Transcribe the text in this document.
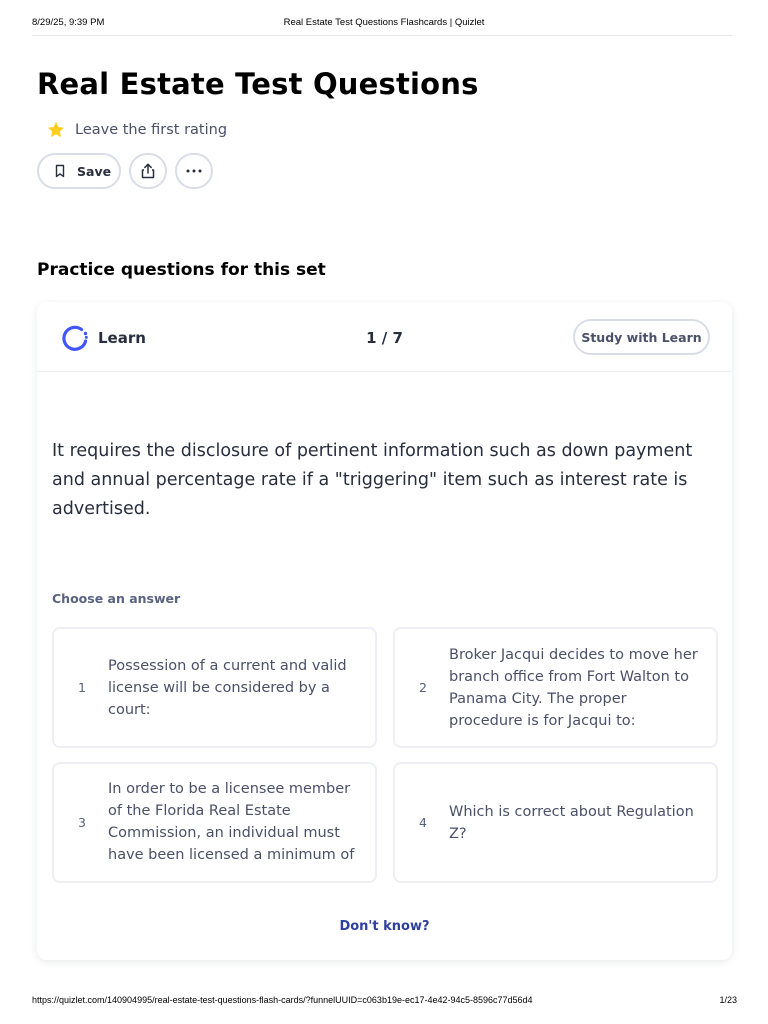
8/29/25, 9:39 PM	Real Estate Test Questions Flashcards | Quizlet
Real Estate Test Questions
Leave the first rating
Save
Practice questions for this set
Learn	1 / 7	Study with Learn

It requires the disclosure of pertinent information such as down payment and annual percentage rate if a "triggering" item such as interest rate is advertised.

Choose an answer
1
Possession of a current and valid license will be considered by a court:
2
Broker Jacqui decides to move her branch office from Fort Walton to Panama City. The proper procedure is for Jacqui to:
3
In order to be a licensee member of the Florida Real Estate Commission, an individual must have been licensed a minimum of
4
Which is correct about Regulation Z?
Don't know?
https://quizlet.com/140904995/real-estate-test-questions-flash-cards/?funnelUUID=c063b19e-ec17-4e42-94c5-8596c77d56d4	1/23
